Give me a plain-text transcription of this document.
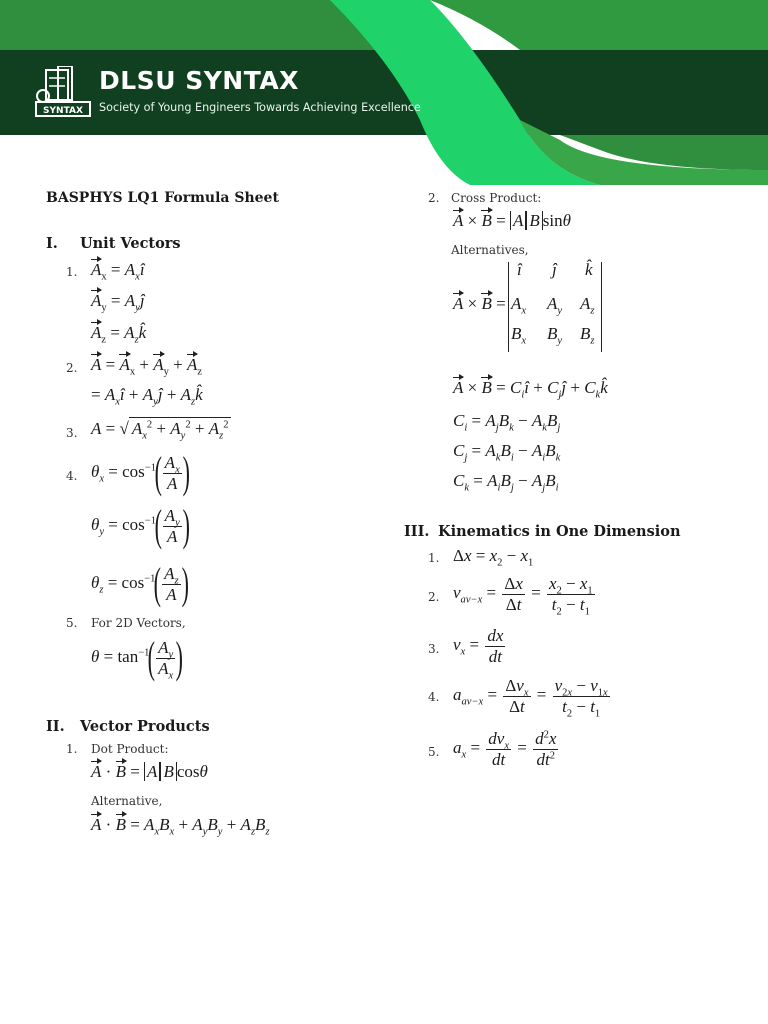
SYNTAX
DLSU SYNTAX
Society of Young Engineers Towards Achieving Excellence
BASPHYS LQ1 Formula Sheet
I. Unit Vectors
1. $A_x$ = $A_xî$
$A_y$ = $A_yĵ$
$A_z$ = $A_zk̂$
2. $A = A_x + A_y + A_z$
= $A_xî$ + $A_yĵ$ + $A_zk̂$
3. A = √ $A_x^2 + A_y^2 + A_z^2$
4. $\theta_x = \cos^{-1}( \frac{A_x}{A}$ )
$\theta_y = \cos^{-1}( \frac{A_y}{A}$ )
$\theta_z = \cos^{-1}( \frac{A_z}{A}$ )
5. For 2D Vectors,
$\theta = \tan^{-1}( \frac{A_y}{A_x}$ )
II. Vector Products
1. Dot Product:
A · B = A B cosθ
Alternative,
$A \cdot B = A_xB_x + A_yB_y + A_zB_z$
2. Cross Product:
A × B = A B sinθ
Alternatives,
A × B =
î ĵ k̂
$A_x$ $A_y$ $A_z$
$B_x$ $B_y$ $B_z$
$A \times B = C_iî$ + $C_jĵ$ + $C_kk̂$
$C_i = A_jB_k - A_kB_j$
$C_j = A_kB_i - A_iB_k$
$C_k = A_iB_j - A_jB_i$
III. Kinematics in One Dimension
1. $\Delta x = x_2 - x_1$
2. $v_{av-x} = \frac{\Delta x}{\Delta t} = \frac{x_2 - x_1}{t_2 - t_1}$
3. $v_x = \frac{dx}{dt}$
4. $a_{av-x} = \frac{\Delta v_x}{\Delta t} = \frac{v_{2x} - v_{1x}}{t_2 - t_1}$
5. $a_x = \frac{dv_x}{dt} = \frac{d^2x}{dt^2}$
